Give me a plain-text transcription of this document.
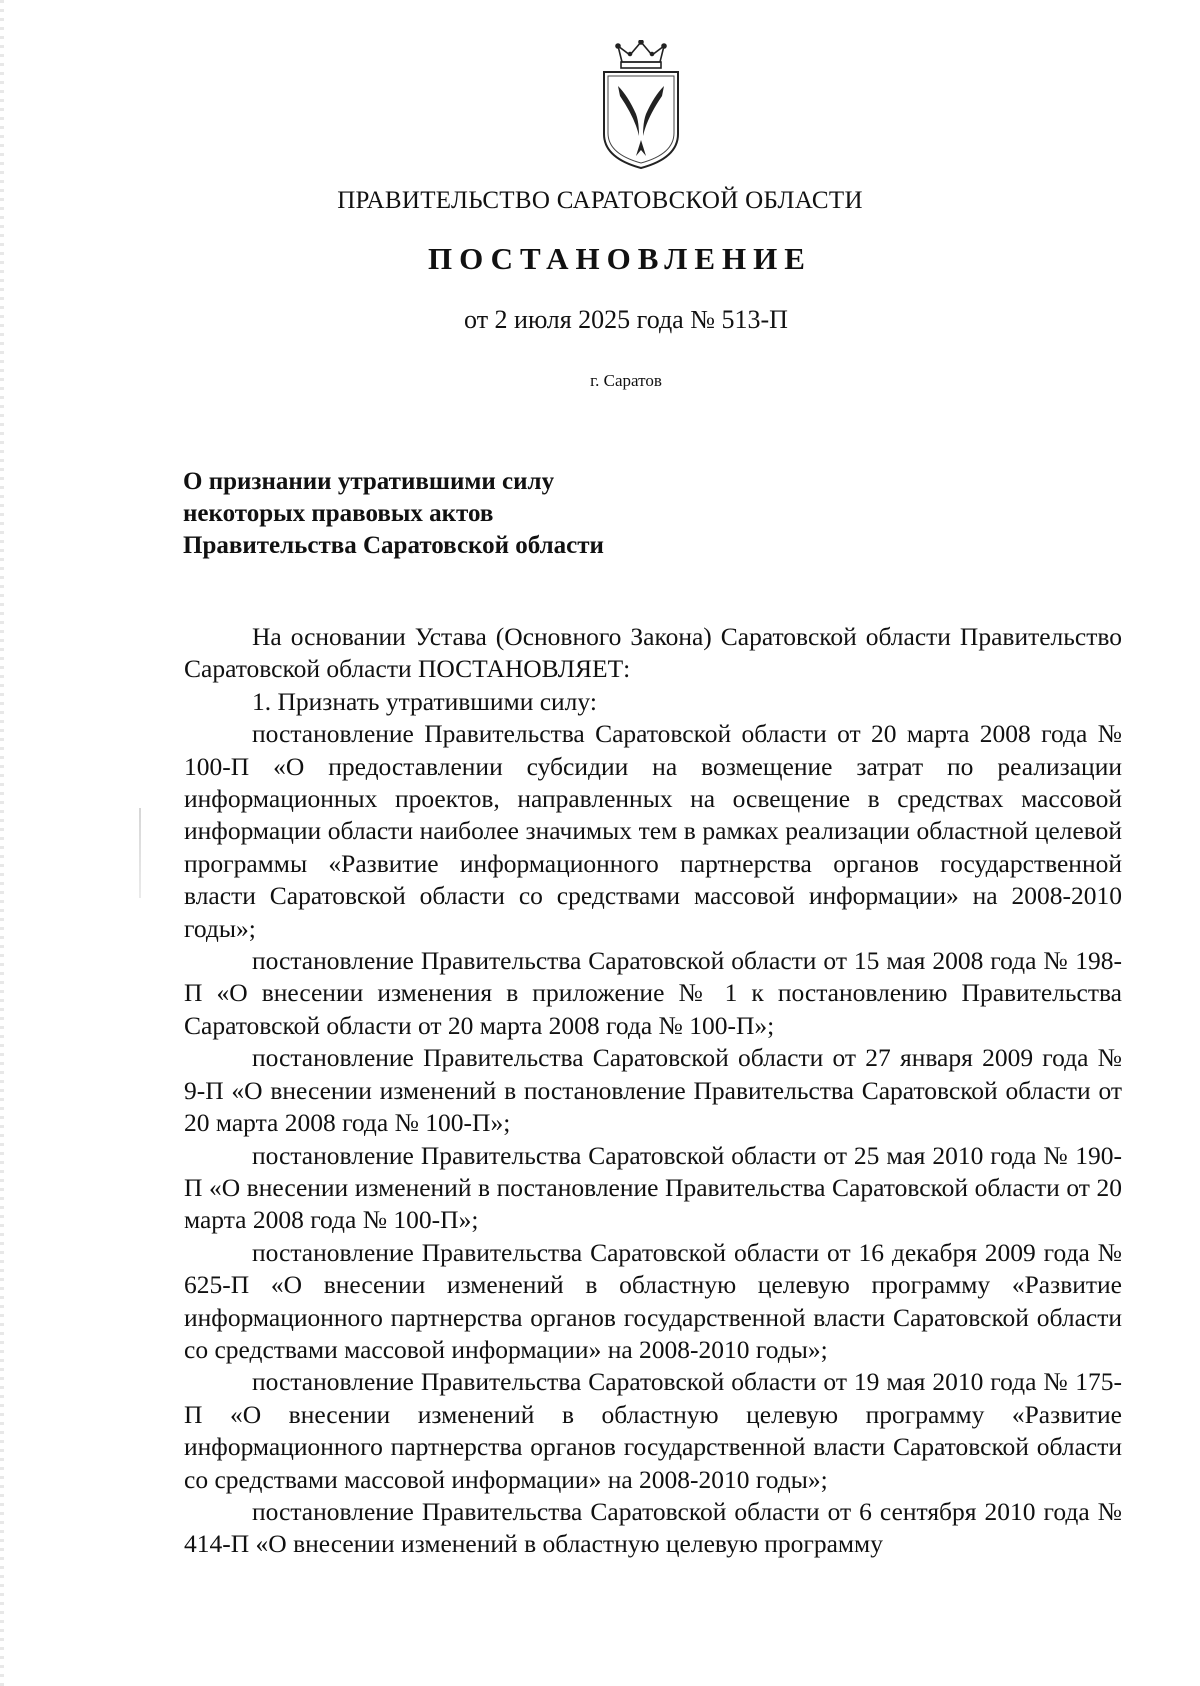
ПРАВИТЕЛЬСТВО САРАТОВСКОЙ ОБЛАСТИ
ПОСТАНОВЛЕНИЕ
от 2 июля 2025 года № 513-П
г. Саратов
О признании утратившими силу
некоторых правовых актов
Правительства Саратовской области

На основании Устава (Основного Закона) Саратовской области Правительство Саратовской области ПОСТАНОВЛЯЕТ:

1. Признать утратившими силу:

постановление Правительства Саратовской области от 20 марта 2008 года № 100-П «О предоставлении субсидии на возмещение затрат по реализации информационных проектов, направленных на освещение в средствах массовой информации области наиболее значимых тем в рамках реализации областной целевой программы «Развитие информационного партнерства органов государственной власти Саратовской области со средствами массовой информации» на 2008-2010 годы»;

постановление Правительства Саратовской области от 15 мая 2008 года № 198-П «О внесении изменения в приложение № 1 к постановлению Правительства Саратовской области от 20 марта 2008 года № 100-П»;

постановление Правительства Саратовской области от 27 января 2009 года № 9-П «О внесении изменений в постановление Правительства Саратовской области от 20 марта 2008 года № 100-П»;

постановление Правительства Саратовской области от 25 мая 2010 года № 190-П «О внесении изменений в постановление Правительства Саратовской области от 20 марта 2008 года № 100-П»;

постановление Правительства Саратовской области от 16 декабря 2009 года № 625-П «О внесении изменений в областную целевую программу «Развитие информационного партнерства органов государственной власти Саратовской области со средствами массовой информации» на 2008-2010 годы»;

постановление Правительства Саратовской области от 19 мая 2010 года № 175-П «О внесении изменений в областную целевую программу «Развитие информационного партнерства органов государственной власти Саратовской области со средствами массовой информации» на 2008-2010 годы»;

постановление Правительства Саратовской области от 6 сентября 2010 года № 414-П «О внесении изменений в областную целевую программу
